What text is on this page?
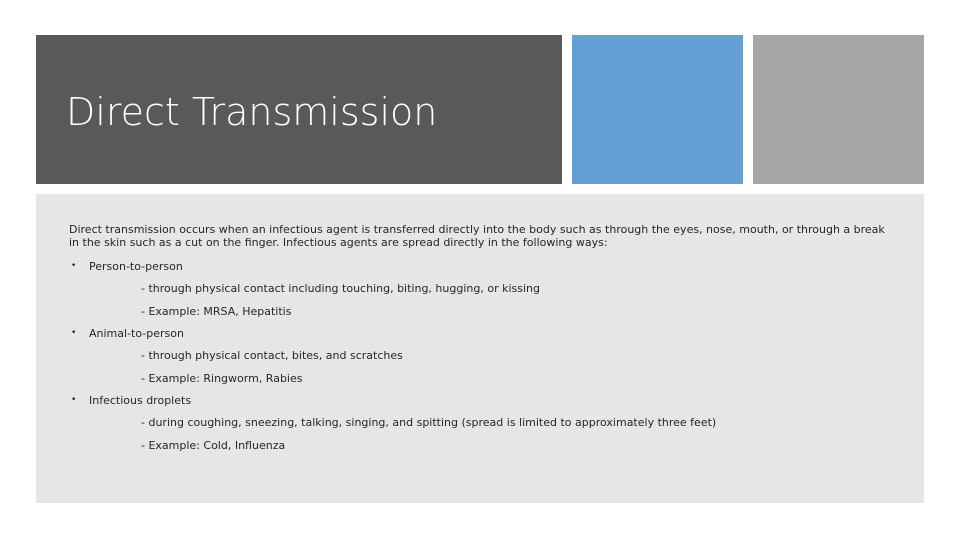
Direct Transmission

Direct transmission occurs when an infectious agent is transferred directly into the body such as through the eyes, nose, mouth, or through a break in the skin such as a cut on the finger. Infectious agents are spread directly in the following ways:

•	Person-to-person
- through physical contact including touching, biting, hugging, or kissing
- Example: MRSA, Hepatitis
•	Animal-to-person
- through physical contact, bites, and scratches
- Example: Ringworm, Rabies
•	Infectious droplets
- during coughing, sneezing, talking, singing, and spitting (spread is limited to approximately three feet)
- Example: Cold, Influenza
